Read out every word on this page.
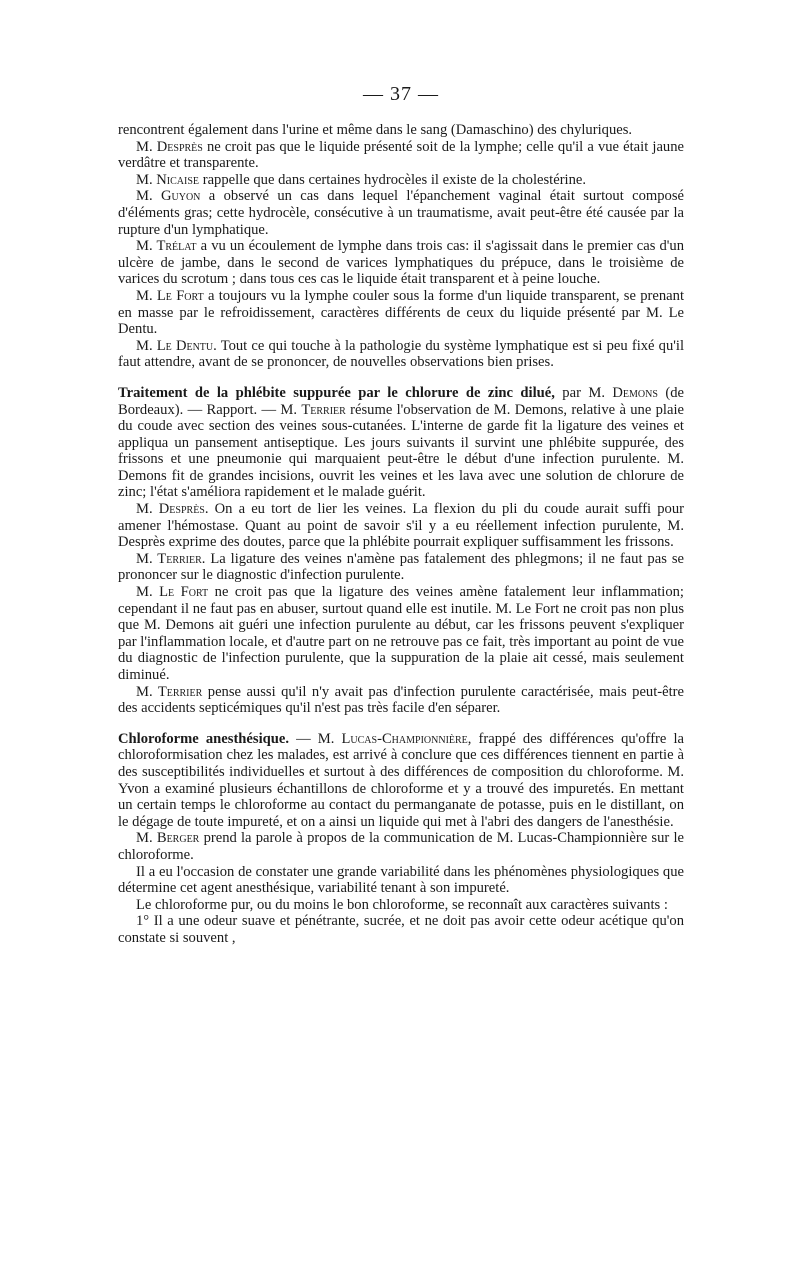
— 37 —

rencontrent également dans l'urine et même dans le sang (Damaschino) des chyluriques.

M. Desprès ne croit pas que le liquide présenté soit de la lymphe; celle qu'il a vue était jaune verdâtre et transparente.

M. Nicaise rappelle que dans certaines hydrocèles il existe de la cholestérine.

M. Guyon a observé un cas dans lequel l'épanchement vaginal était surtout composé d'éléments gras; cette hydrocèle, consécutive à un traumatisme, avait peut-être été causée par la rupture d'un lymphatique.

M. Trélat a vu un écoulement de lymphe dans trois cas: il s'agissait dans le premier cas d'un ulcère de jambe, dans le second de varices lymphatiques du prépuce, dans le troisième de varices du scrotum ; dans tous ces cas le liquide était transparent et à peine louche.

M. Le Fort a toujours vu la lymphe couler sous la forme d'un liquide transparent, se prenant en masse par le refroidissement, caractères différents de ceux du liquide présenté par M. Le Dentu.

M. Le Dentu. Tout ce qui touche à la pathologie du système lymphatique est si peu fixé qu'il faut attendre, avant de se prononcer, de nouvelles observations bien prises.

Traitement de la phlébite suppurée par le chlorure de zinc dilué, par M. Demons (de Bordeaux). — Rapport. — M. Terrier résume l'observation de M. Demons, relative à une plaie du coude avec section des veines sous-cutanées. L'interne de garde fit la ligature des veines et appliqua un pansement antiseptique. Les jours suivants il survint une phlébite suppurée, des frissons et une pneumonie qui marquaient peut-être le début d'une infection purulente. M. Demons fit de grandes incisions, ouvrit les veines et les lava avec une solution de chlorure de zinc; l'état s'améliora rapidement et le malade guérit.

M. Desprès. On a eu tort de lier les veines. La flexion du pli du coude aurait suffi pour amener l'hémostase. Quant au point de savoir s'il y a eu réellement infection purulente, M. Desprès exprime des doutes, parce que la phlébite pourrait expliquer suffisamment les frissons.

M. Terrier. La ligature des veines n'amène pas fatalement des phlegmons; il ne faut pas se prononcer sur le diagnostic d'infection purulente.

M. Le Fort ne croit pas que la ligature des veines amène fatalement leur inflammation; cependant il ne faut pas en abuser, surtout quand elle est inutile. M. Le Fort ne croit pas non plus que M. Demons ait guéri une infection purulente au début, car les frissons peuvent s'expliquer par l'inflammation locale, et d'autre part on ne retrouve pas ce fait, très important au point de vue du diagnostic de l'infection purulente, que la suppuration de la plaie ait cessé, mais seulement diminué.

M. Terrier pense aussi qu'il n'y avait pas d'infection purulente caractérisée, mais peut-être des accidents septicémiques qu'il n'est pas très facile d'en séparer.

Chloroforme anesthésique. — M. Lucas-Championnière, frappé des différences qu'offre la chloroformisation chez les malades, est arrivé à conclure que ces différences tiennent en partie à des susceptibilités individuelles et surtout à des différences de composition du chloroforme. M. Yvon a examiné plusieurs échantillons de chloroforme et y a trouvé des impuretés. En mettant un certain temps le chloroforme au contact du permanganate de potasse, puis en le distillant, on le dégage de toute impureté, et on a ainsi un liquide qui met à l'abri des dangers de l'anesthésie.

M. Berger prend la parole à propos de la communication de M. Lucas-Championnière sur le chloroforme.

Il a eu l'occasion de constater une grande variabilité dans les phénomènes physiologiques que détermine cet agent anesthésique, variabilité tenant à son impureté.

Le chloroforme pur, ou du moins le bon chloroforme, se reconnaît aux caractères suivants :

1° Il a une odeur suave et pénétrante, sucrée, et ne doit pas avoir cette odeur acétique qu'on constate si souvent ,
